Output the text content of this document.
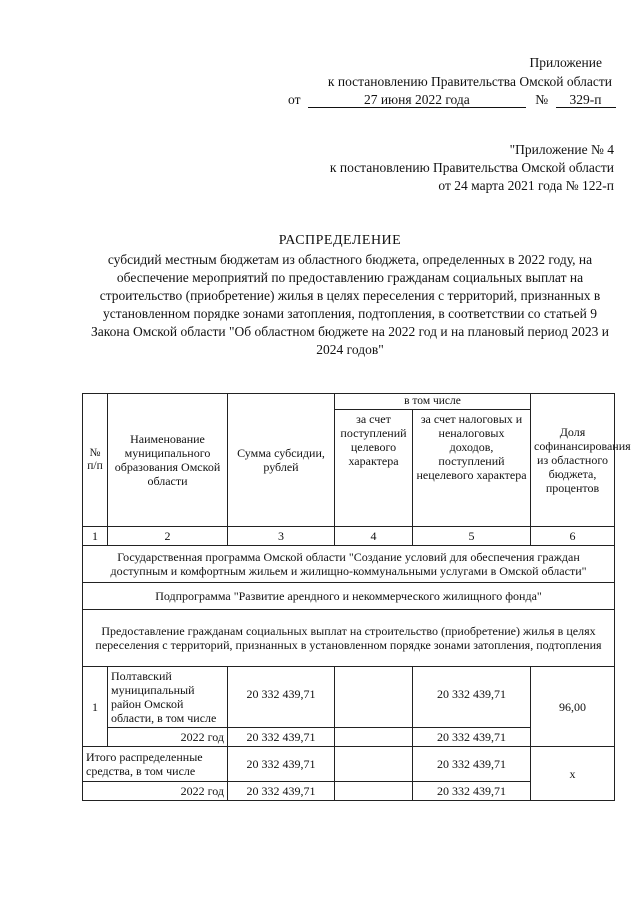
Приложение
к постановлению Правительства Омской области
от	27 июня 2022 года	№ 329-п
"Приложение № 4
к постановлению Правительства Омской области
от 24 марта 2021 года № 122-п
РАСПРЕДЕЛЕНИЕ
субсидий местным бюджетам из областного бюджета, определенных в 2022 году, на обеспечение мероприятий по предоставлению гражданам социальных выплат на строительство (приобретение) жилья в целях переселения с территорий, признанных в установленном порядке зонами затопления, подтопления, в соответствии со статьей 9 Закона Омской области "Об областном бюджете на 2022 год и на плановый период 2023 и 2024 годов"
№ п/п	Наименование муниципального образования Омской области	Сумма субсидии, рублей	в том числе		Доля софинансирования из областного бюджета, процентов
			за счет поступлений целевого характера	за счет налоговых и неналоговых доходов, поступлений нецелевого характера	
1	2	3	4	5	6
Государственная программа Омской области "Создание условий для обеспечения граждан доступным и комфортным жильем и жилищно-коммунальными услугами в Омской области"					
Подпрограмма "Развитие арендного и некоммерческого жилищного фонда"					
Предоставление гражданам социальных выплат на строительство (приобретение) жилья в целях переселения с территорий, признанных в установленном порядке зонами затопления, подтопления					
1	Полтавский муниципальный район Омской области, в том числе	20 332 439,71		20 332 439,71	96,00
	2022 год	20 332 439,71		20 332 439,71	
Итого распределенные средства, в том числе		20 332 439,71		20 332 439,71	x
2022 год		20 332 439,71		20 332 439,71	
